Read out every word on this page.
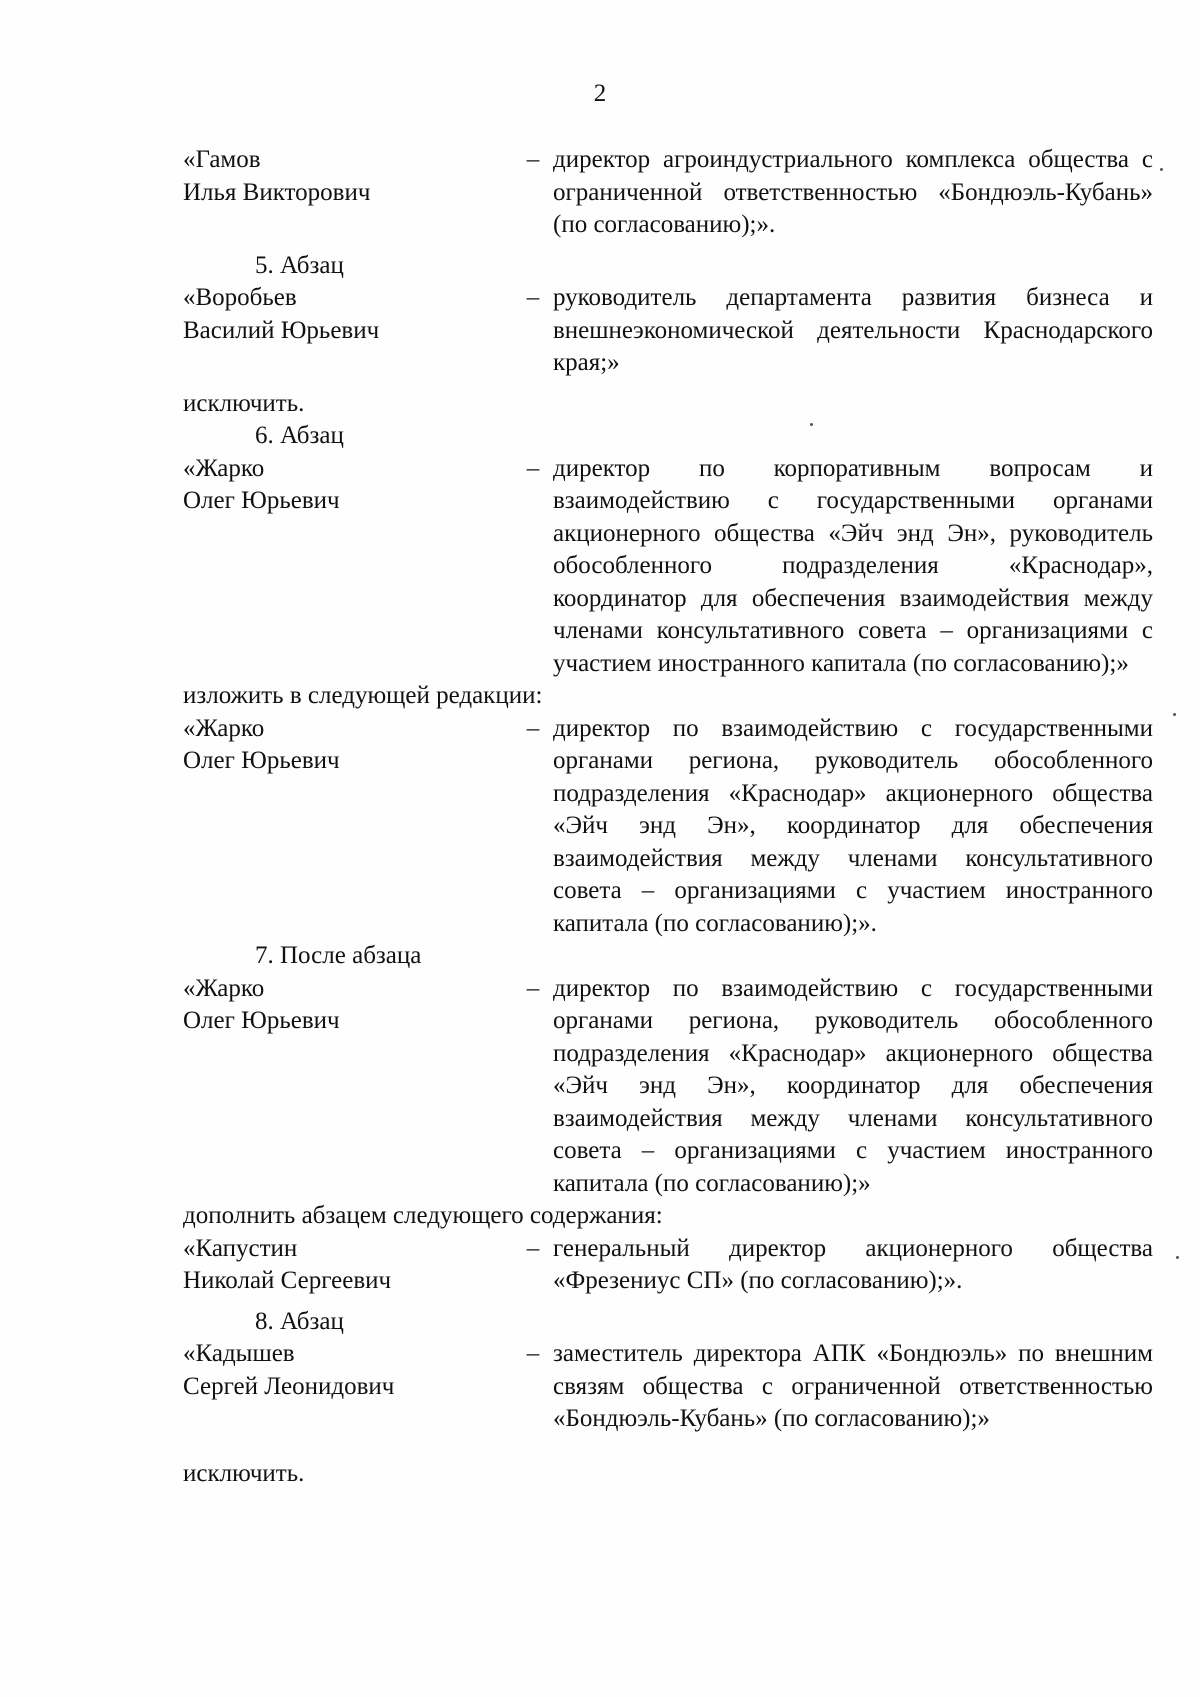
2
«Гамов
Илья Викторович
– директор агроиндустриального комплекса общества с ограниченной ответственностью «Бондюэль-Кубань» (по согласованию);».
5. Абзац
«Воробьев
Василий Юрьевич
– руководитель департамента развития бизнеса и внешнеэкономической деятельности Краснодарского края;»
исключить.
6. Абзац
«Жарко
Олег Юрьевич
– директор по корпоративным вопросам и взаимодействию с государственными органами акционерного общества «Эйч энд Эн», руководитель обособленного подразделения «Краснодар», координатор для обеспечения взаимодействия между членами консультативного совета – организациями с участием иностранного капитала (по согласованию);»
изложить в следующей редакции:
«Жарко
Олег Юрьевич
– директор по взаимодействию с государственными органами региона, руководитель обособленного подразделения «Краснодар» акционерного общества «Эйч энд Эн», координатор для обеспечения взаимодействия между членами консультативного совета – организациями с участием иностранного капитала (по согласованию);».
7. После абзаца
«Жарко
Олег Юрьевич
– директор по взаимодействию с государственными органами региона, руководитель обособленного подразделения «Краснодар» акционерного общества «Эйч энд Эн», координатор для обеспечения взаимодействия между членами консультативного совета – организациями с участием иностранного капитала (по согласованию);»
дополнить абзацем следующего содержания:
«Капустин
Николай Сергеевич
– генеральный директор акционерного общества «Фрезениус СП» (по согласованию);».
8. Абзац
«Кадышев
Сергей Леонидович
– заместитель директора АПК «Бондюэль» по внешним связям общества с ограниченной ответственностью «Бондюэль-Кубань» (по согласованию);»
исключить.
